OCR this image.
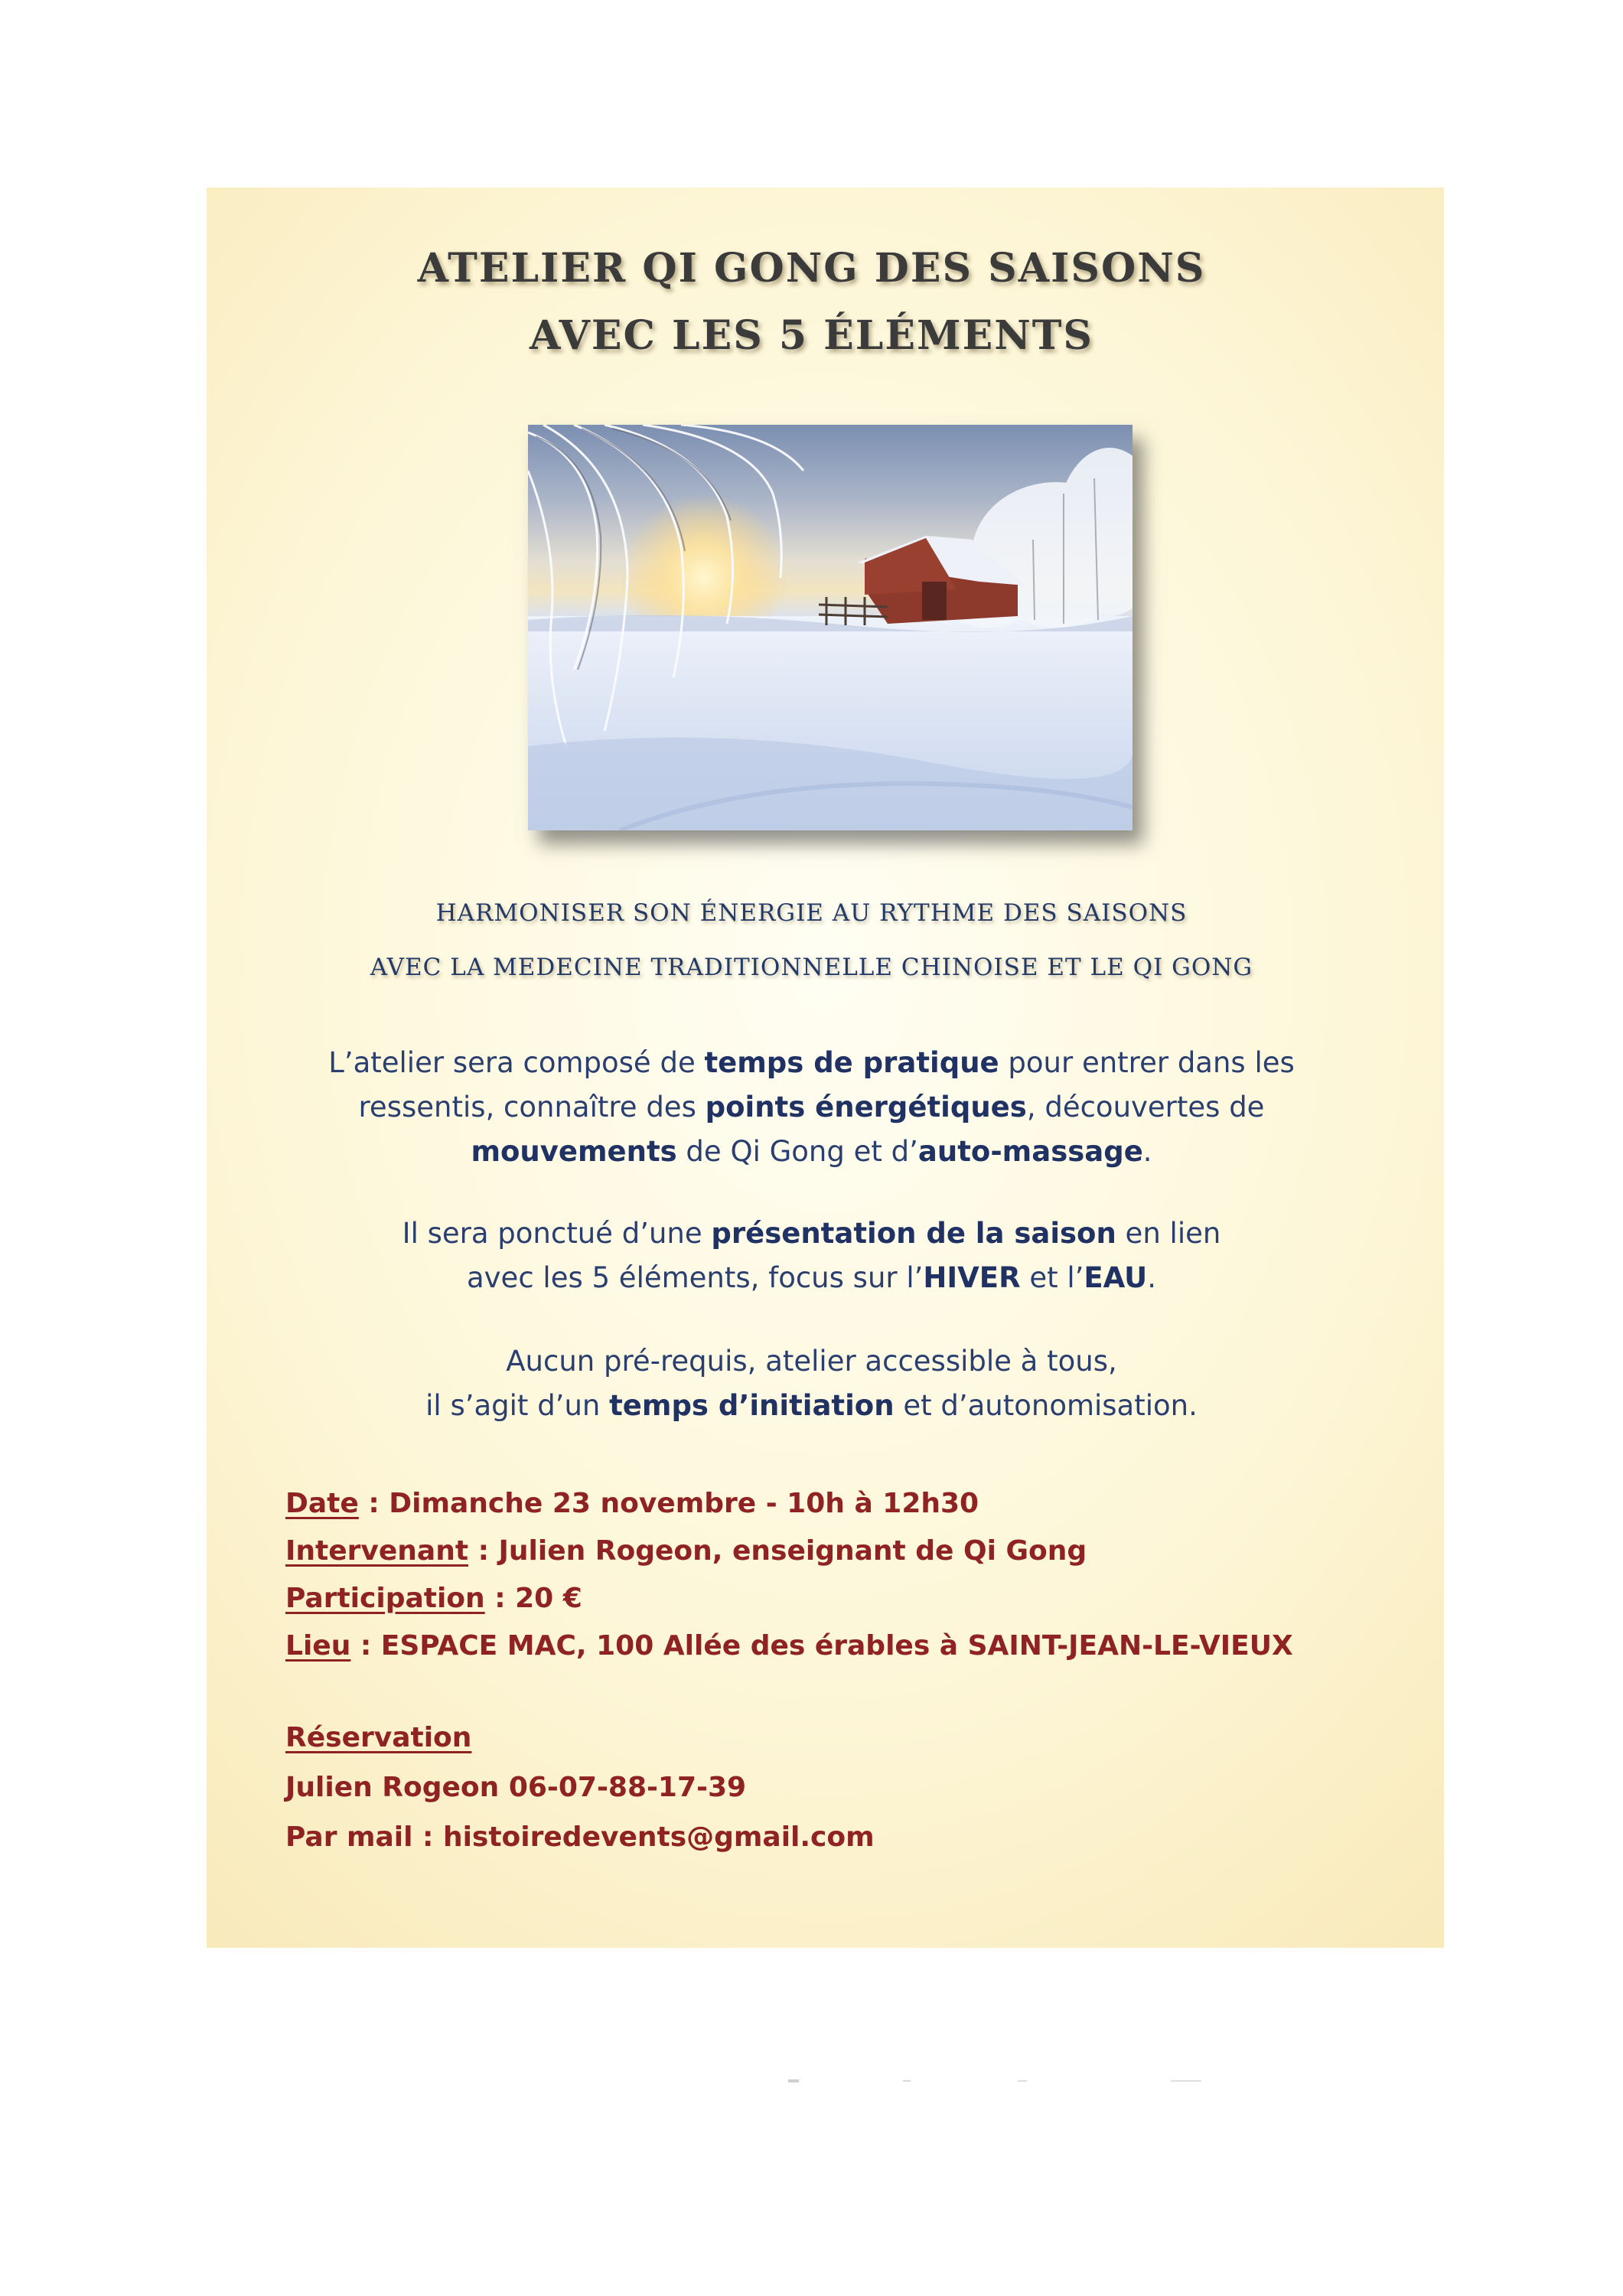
ATELIER QI GONG DES SAISONS
AVEC LES 5 ÉLÉMENTS
HARMONISER SON ÉNERGIE AU RYTHME DES SAISONS
AVEC LA MEDECINE TRADITIONNELLE CHINOISE ET LE QI GONG
L’atelier sera composé de temps de pratique pour entrer dans les
ressentis, connaître des points énergétiques, découvertes de
mouvements de Qi Gong et d’auto-massage.
Il sera ponctué d’une présentation de la saison en lien
avec les 5 éléments, focus sur l’HIVER et l’EAU.
Aucun pré-requis, atelier accessible à tous,
il s’agit d’un temps d’initiation et d’autonomisation.
Date : Dimanche 23 novembre - 10h à 12h30
Intervenant : Julien Rogeon, enseignant de Qi Gong
Participation : 20 €
Lieu : ESPACE MAC, 100 Allée des érables à SAINT-JEAN-LE-VIEUX
Réservation
Julien Rogeon 06-07-88-17-39
Par mail : histoiredevents@gmail.com
